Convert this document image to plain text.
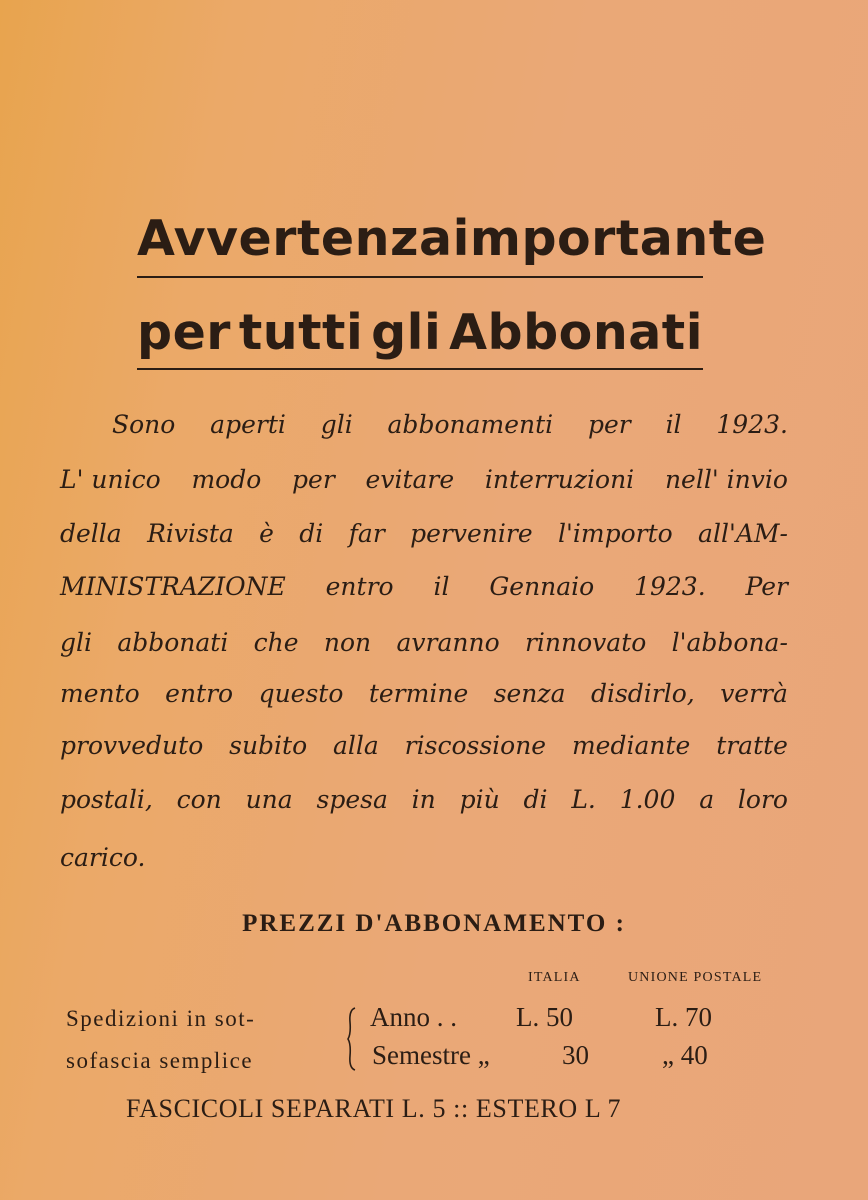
Avvertenza importante
per tutti gli Abbonati
Sono aperti gli abbonamenti per il 1923.
L' unico modo per evitare interruzioni nell' invio
della Rivista è di far pervenire l'importo all'AM-
MINISTRAZIONE entro il Gennaio 1923. Per
gli abbonati che non avranno rinnovato l'abbona-
mento entro questo termine senza disdirlo, verrà
provveduto subito alla riscossione mediante tratte
postali, con una spesa in più di L. 1.00 a loro
carico.
PREZZI D'ABBONAMENTO :
ITALIA	UNIONE POSTALE
Spedizioni in sot-
sofascia semplice
Anno . . L. 50	L. 70
Semestre „	30	„ 40

FASCICOLI SEPARATI L. 5 :: ESTERO L 7
